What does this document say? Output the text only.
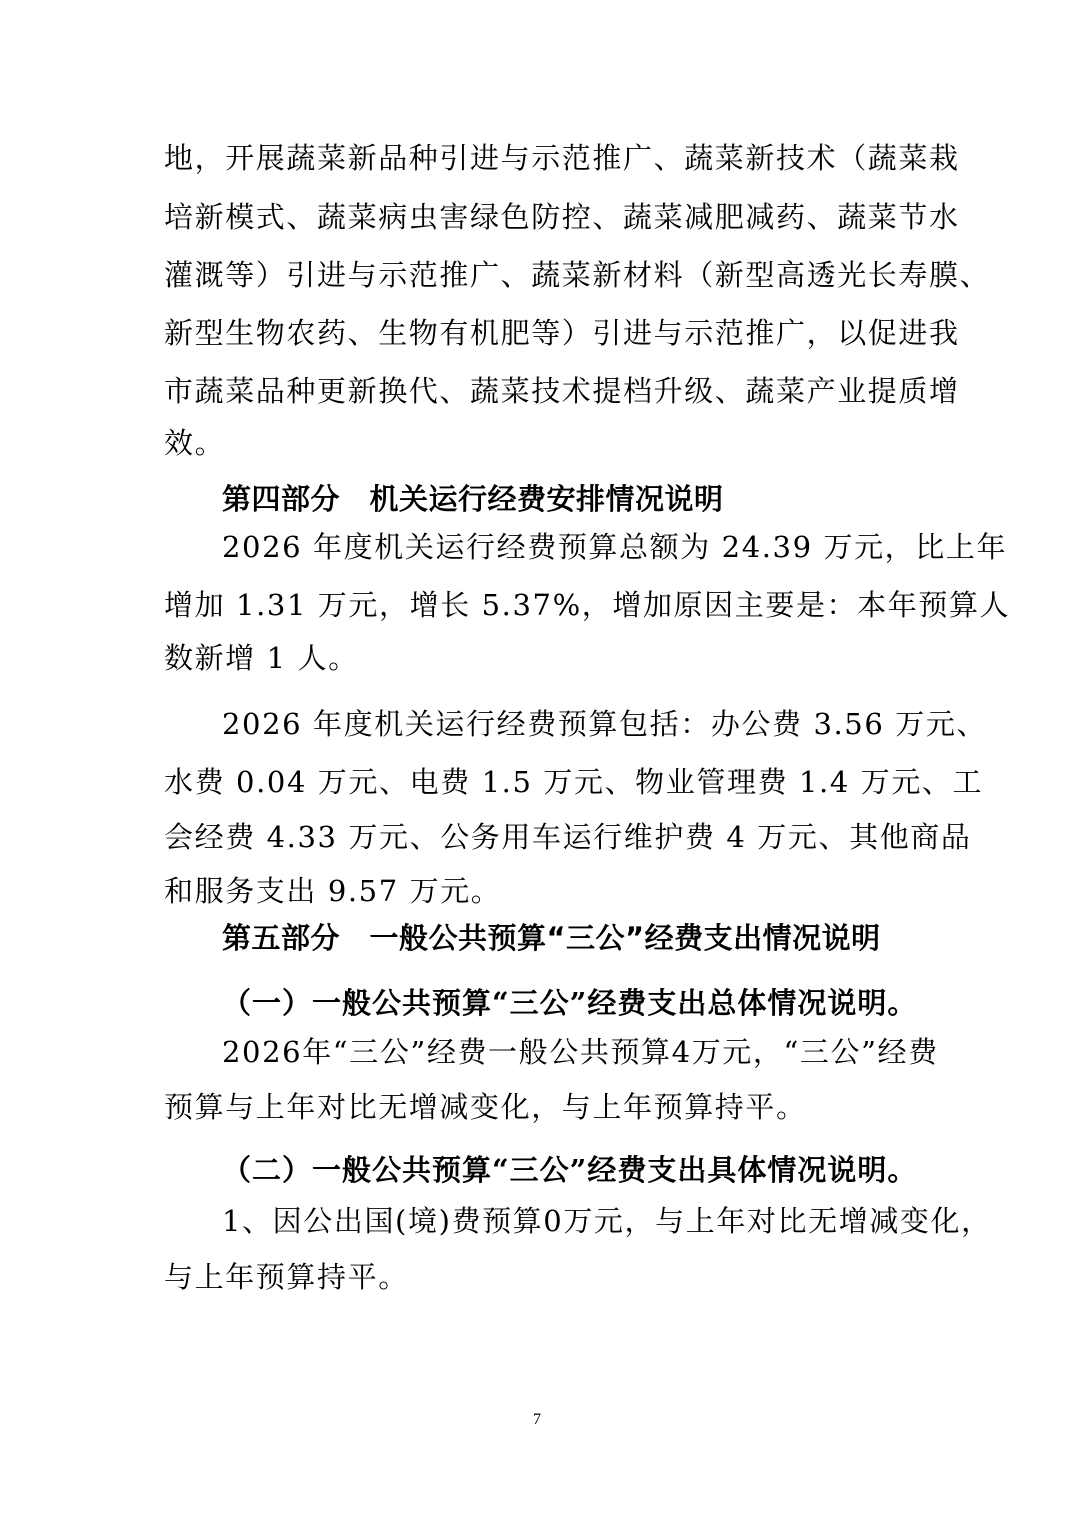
地，开展蔬菜新品种引进与示范推广、蔬菜新技术（蔬菜栽
培新模式、蔬菜病虫害绿色防控、蔬菜减肥减药、蔬菜节水
灌溉等）引进与示范推广、蔬菜新材料（新型高透光长寿膜、
新型生物农药、生物有机肥等）引进与示范推广，以促进我
市蔬菜品种更新换代、蔬菜技术提档升级、蔬菜产业提质增
效。
第四部分　机关运行经费安排情况说明
2026 年度机关运行经费预算总额为 24.39 万元，比上年
增加 1.31 万元，增长 5.37%，增加原因主要是：本年预算人
数新增 1 人。
2026 年度机关运行经费预算包括：办公费 3.56 万元、
水费 0.04 万元、电费 1.5 万元、物业管理费 1.4 万元、工
会经费 4.33 万元、公务用车运行维护费 4 万元、其他商品
和服务支出 9.57 万元。
第五部分　一般公共预算“三公”经费支出情况说明
（一）一般公共预算“三公”经费支出总体情况说明。
2026年“三公”经费一般公共预算4万元，“三公”经费
预算与上年对比无增减变化，与上年预算持平。
（二）一般公共预算“三公”经费支出具体情况说明。
1、因公出国(境)费预算0万元，与上年对比无增减变化，
与上年预算持平。
7
